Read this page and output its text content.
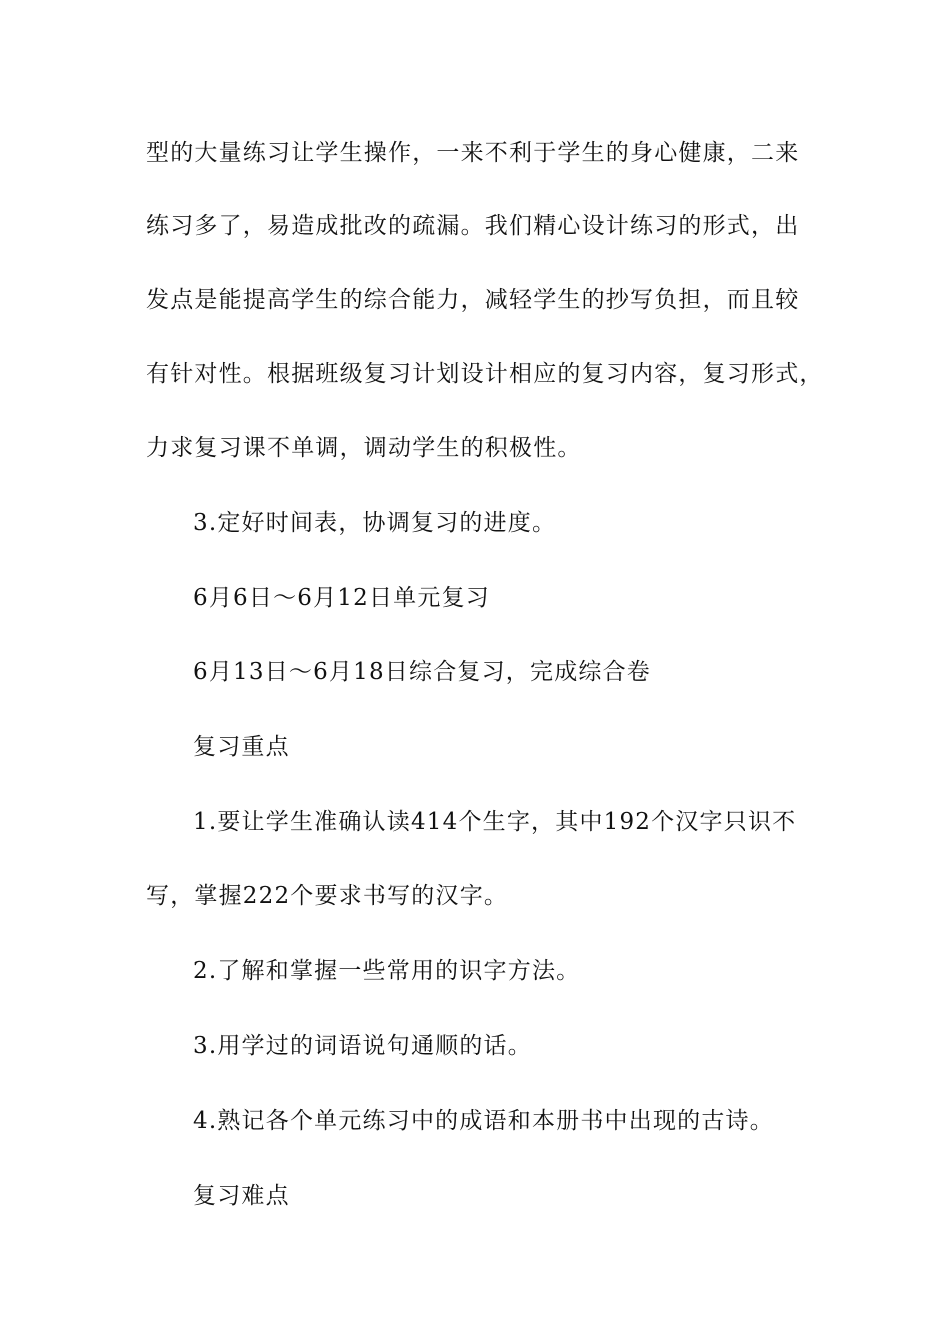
型的大量练习让学生操作，一来不利于学生的身心健康，二来
练习多了，易造成批改的疏漏。我们精心设计练习的形式，出
发点是能提高学生的综合能力，减轻学生的抄写负担，而且较
有针对性。根据班级复习计划设计相应的复习内容，复习形式，
力求复习课不单调，调动学生的积极性。
3.定好时间表，协调复习的进度。
6月6日～6月12日单元复习
6月13日～6月18日综合复习，完成综合卷
复习重点
1.要让学生准确认读414个生字，其中192个汉字只识不
写，掌握222个要求书写的汉字。
2.了解和掌握一些常用的识字方法。
3.用学过的词语说句通顺的话。
4.熟记各个单元练习中的成语和本册书中出现的古诗。
复习难点
